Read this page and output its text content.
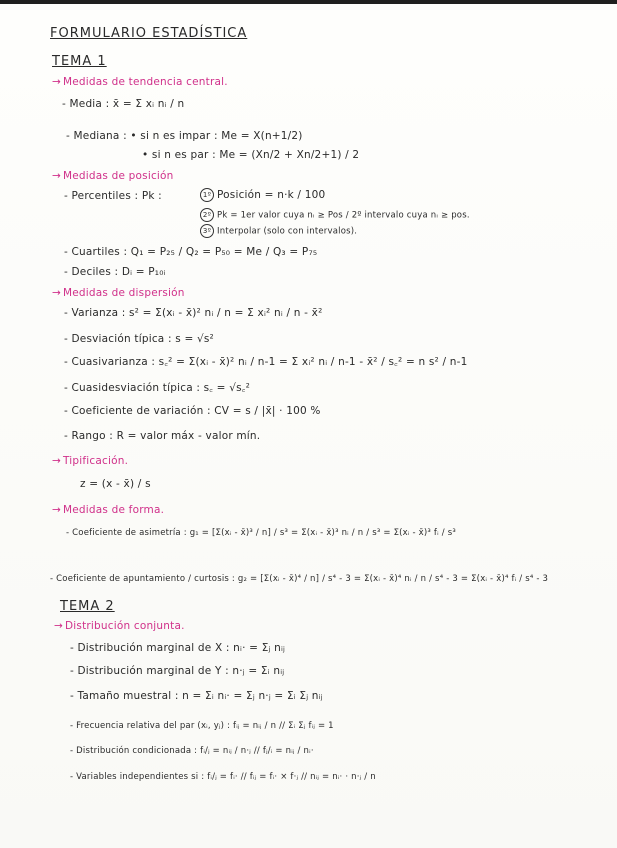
FORMULARIO ESTADÍSTICA
TEMA 1
→ Medidas de tendencia central.
- Media : x̄ = Σ xᵢ nᵢ / n
- Mediana : • si n es impar : Me = X(n+1/2)
• si n es par : Me = (Xn/2 + Xn/2+1) / 2
→ Medidas de posición
- Percentiles : Pk :	1º Posición = n·k / 100
2º Pk = 1er valor cuya nᵢ ≥ Pos / 2º intervalo cuya nᵢ ≥ pos.
3º Interpolar (solo con intervalos).
- Cuartiles : Q₁ = P₂₅ / Q₂ = P₅₀ = Me / Q₃ = P₇₅
- Deciles : Dᵢ = P₁₀ᵢ
→ Medidas de dispersión
- Varianza : s² = Σ(xᵢ - x̄)² nᵢ / n = Σ xᵢ² nᵢ / n - x̄²
- Desviación típica : s = √s²
- Cuasivarianza : s꜀² = Σ(xᵢ - x̄)² nᵢ / n-1 = Σ xᵢ² nᵢ / n-1 - x̄² / s꜀² = n s² / n-1
- Cuasidesviación típica : s꜀ = √s꜀²
- Coeficiente de variación : CV = s / |x̄| · 100 %
- Rango : R = valor máx - valor mín.
→ Tipificación.
z = (x - x̄) / s
→ Medidas de forma.
- Coeficiente de asimetría : g₁ = [Σ(xᵢ - x̄)³ / n] / s³ = Σ(xᵢ - x̄)³ nᵢ / n / s³ = Σ(xᵢ - x̄)³ fᵢ / s³
- Coeficiente de apuntamiento / curtosis : g₂ = [Σ(xᵢ - x̄)⁴ / n] / s⁴ - 3 = Σ(xᵢ - x̄)⁴ nᵢ / n / s⁴ - 3 = Σ(xᵢ - x̄)⁴ fᵢ / s⁴ - 3
TEMA 2
→ Distribución conjunta.
- Distribución marginal de X : nᵢ· = Σⱼ nᵢⱼ
- Distribución marginal de Y : n·ⱼ = Σᵢ nᵢⱼ
- Tamaño muestral : n = Σᵢ nᵢ· = Σⱼ n·ⱼ = Σᵢ Σⱼ nᵢⱼ
- Frecuencia relativa del par (xᵢ, yⱼ) : fᵢⱼ = nᵢⱼ / n // Σᵢ Σⱼ fᵢⱼ = 1
- Distribución condicionada : fᵢ/ⱼ = nᵢⱼ / n·ⱼ // fⱼ/ᵢ = nᵢⱼ / nᵢ·
- Variables independientes si : fᵢ/ⱼ = fᵢ· // fᵢⱼ = fᵢ· × f·ⱼ // nᵢⱼ = nᵢ· · n·ⱼ / n
